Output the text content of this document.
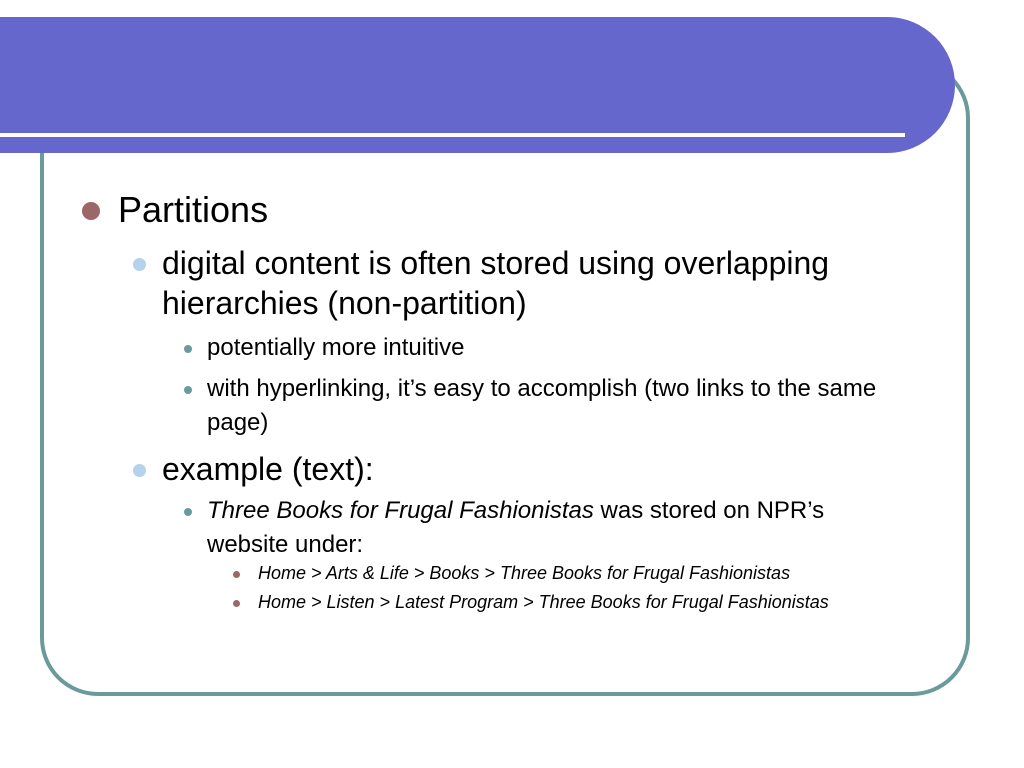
Partitions
digital content is often stored using overlapping hierarchies (non-partition)
potentially more intuitive
with hyperlinking, it’s easy to accomplish (two links to the same page)
example (text):
Three Books for Frugal Fashionistas was stored on NPR’s website under:
Home > Arts & Life > Books > Three Books for Frugal Fashionistas
Home > Listen > Latest Program > Three Books for Frugal Fashionistas
